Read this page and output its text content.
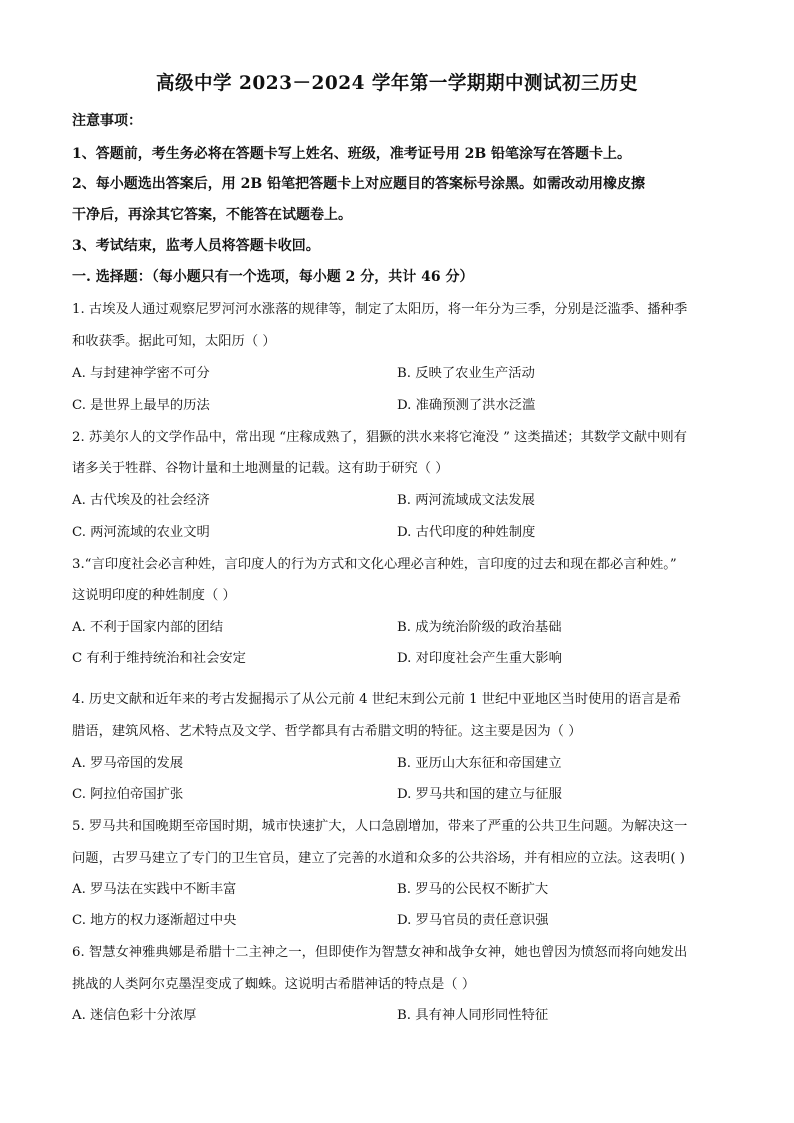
高级中学 2023－2024 学年第一学期期中测试初三历史
注意事项：
1、答题前，考生务必将在答题卡写上姓名、班级，准考证号用 2B 铅笔涂写在答题卡上。
2、每小题选出答案后，用 2B 铅笔把答题卡上对应题目的答案标号涂黑。如需改动用橡皮擦
干净后，再涂其它答案，不能答在试题卷上。
3、考试结束，监考人员将答题卡收回。
一. 选择题：（每小题只有一个选项，每小题 2 分，共计 46 分）
1. 古埃及人通过观察尼罗河河水涨落的规律等，制定了太阳历，将一年分为三季，分别是泛滥季、播种季
和收获季。据此可知，太阳历（ ）
A. 与封建神学密不可分	B. 反映了农业生产活动
C. 是世界上最早的历法	D. 准确预测了洪水泛滥
2. 苏美尔人的文学作品中，常出现 “庄稼成熟了，猖獗的洪水来将它淹没 ” 这类描述；其数学文献中则有
诸多关于牲群、谷物计量和土地测量的记载。这有助于研究（ ）
A. 古代埃及的社会经济	B. 两河流域成文法发展
C. 两河流域的农业文明	D. 古代印度的种姓制度
3.“言印度社会必言种姓，言印度人的行为方式和文化心理必言种姓，言印度的过去和现在都必言种姓。”
这说明印度的种姓制度（ ）
A. 不利于国家内部的团结	B. 成为统治阶级的政治基础
C 有利于维持统治和社会安定	D. 对印度社会产生重大影响
4. 历史文献和近年来的考古发掘揭示了从公元前 4 世纪末到公元前 1 世纪中亚地区当时使用的语言是希
腊语，建筑风格、艺术特点及文学、哲学都具有古希腊文明的特征。这主要是因为（ ）
A. 罗马帝国的发展	B. 亚历山大东征和帝国建立
C. 阿拉伯帝国扩张	D. 罗马共和国的建立与征服
5. 罗马共和国晚期至帝国时期，城市快速扩大，人口急剧增加，带来了严重的公共卫生问题。为解决这一
问题，古罗马建立了专门的卫生官员，建立了完善的水道和众多的公共浴场，并有相应的立法。这表明( )
A. 罗马法在实践中不断丰富	B. 罗马的公民权不断扩大
C. 地方的权力逐渐超过中央	D. 罗马官员的责任意识强
6. 智慧女神雅典娜是希腊十二主神之一，但即使作为智慧女神和战争女神，她也曾因为愤怒而将向她发出
挑战的人类阿尔克墨涅变成了蜘蛛。这说明古希腊神话的特点是（ ）
A. 迷信色彩十分浓厚	B. 具有神人同形同性特征
